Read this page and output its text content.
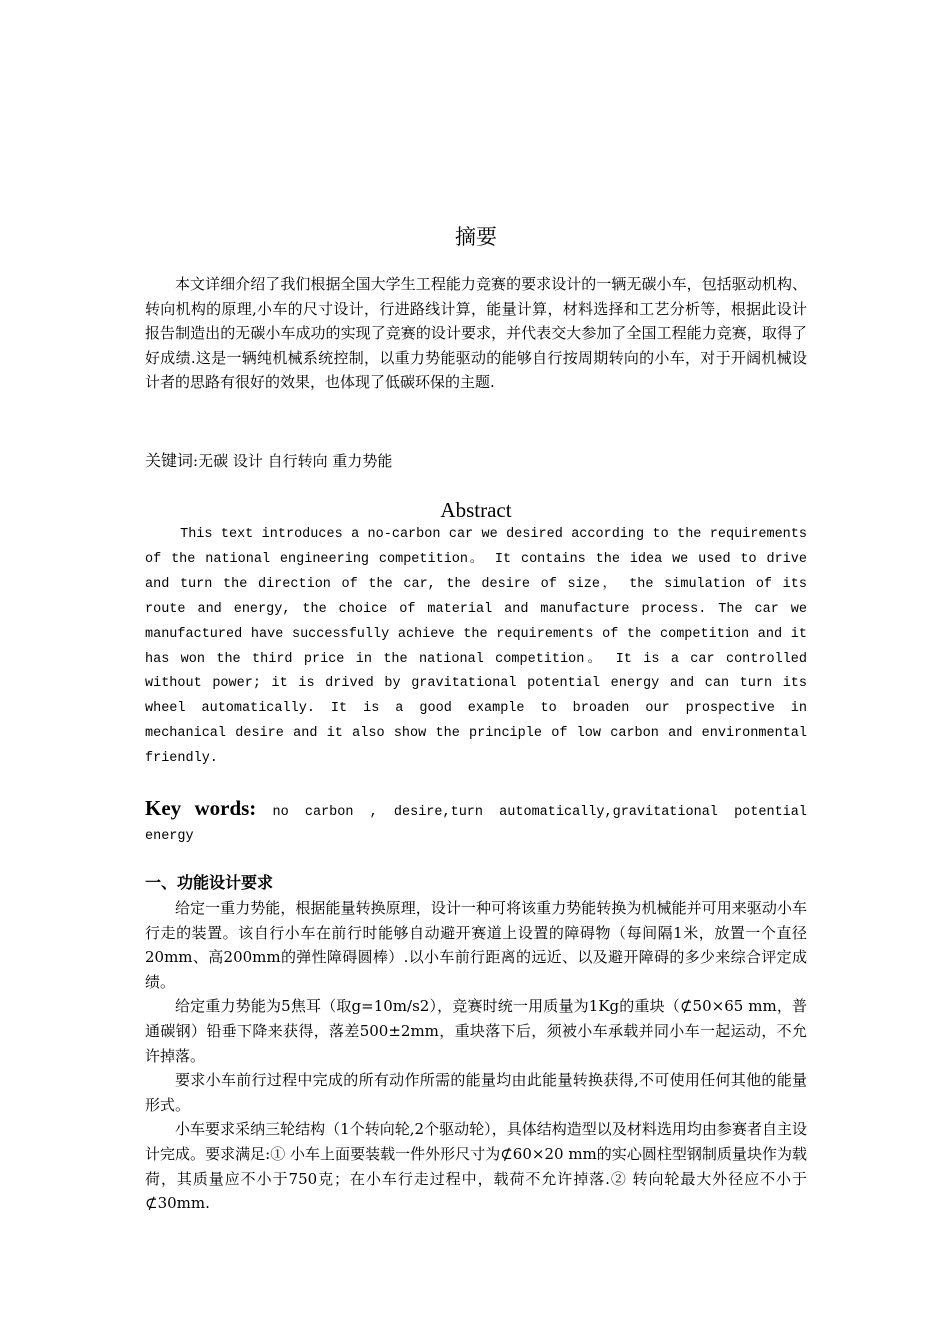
摘要

本文详细介绍了我们根据全国大学生工程能力竞赛的要求设计的一辆无碳小车，包括驱动机构、转向机构的原理,小车的尺寸设计，行进路线计算，能量计算，材料选择和工艺分析等，根据此设计报告制造出的无碳小车成功的实现了竞赛的设计要求，并代表交大参加了全国工程能力竞赛，取得了好成绩.这是一辆纯机械系统控制，以重力势能驱动的能够自行按周期转向的小车，对于开阔机械设计者的思路有很好的效果，也体现了低碳环保的主题.

关键词:无碳 设计 自行转向 重力势能
Abstract

This text introduces a no-carbon car we desired according to the requirements of the national engineering competition。 It contains the idea we used to drive and turn the direction of the car, the desire of size， the simulation of its route and energy, the choice of material and manufacture process. The car we manufactured have successfully achieve the requirements of the competition and it has won the third price in the national competition。 It is a car controlled without power; it is drived by gravitational potential energy and can turn its wheel automatically. It is a good example to broaden our prospective in mechanical desire and it also show the principle of low carbon and environmental friendly.

Key words: no carbon , desire,turn automatically,gravitational potential energy

一、功能设计要求

给定一重力势能，根据能量转换原理，设计一种可将该重力势能转换为机械能并可用来驱动小车行走的装置。该自行小车在前行时能够自动避开赛道上设置的障碍物（每间隔1米，放置一个直径20mm、高200mm的弹性障碍圆棒）.以小车前行距离的远近、以及避开障碍的多少来综合评定成绩。

给定重力势能为5焦耳（取g=10m/s2），竞赛时统一用质量为1Kg的重块（⊄50×65 mm，普通碳钢）铅垂下降来获得，落差500±2mm，重块落下后，须被小车承载并同小车一起运动，不允许掉落。

要求小车前行过程中完成的所有动作所需的能量均由此能量转换获得,不可使用任何其他的能量形式。

小车要求采纳三轮结构（1个转向轮,2个驱动轮），具体结构造型以及材料选用均由参赛者自主设计完成。要求满足:① 小车上面要装载一件外形尺寸为⊄60×20 mm的实心圆柱型钢制质量块作为载荷，其质量应不小于750克；在小车行走过程中，载荷不允许掉落.② 转向轮最大外径应不小于⊄30mm.
